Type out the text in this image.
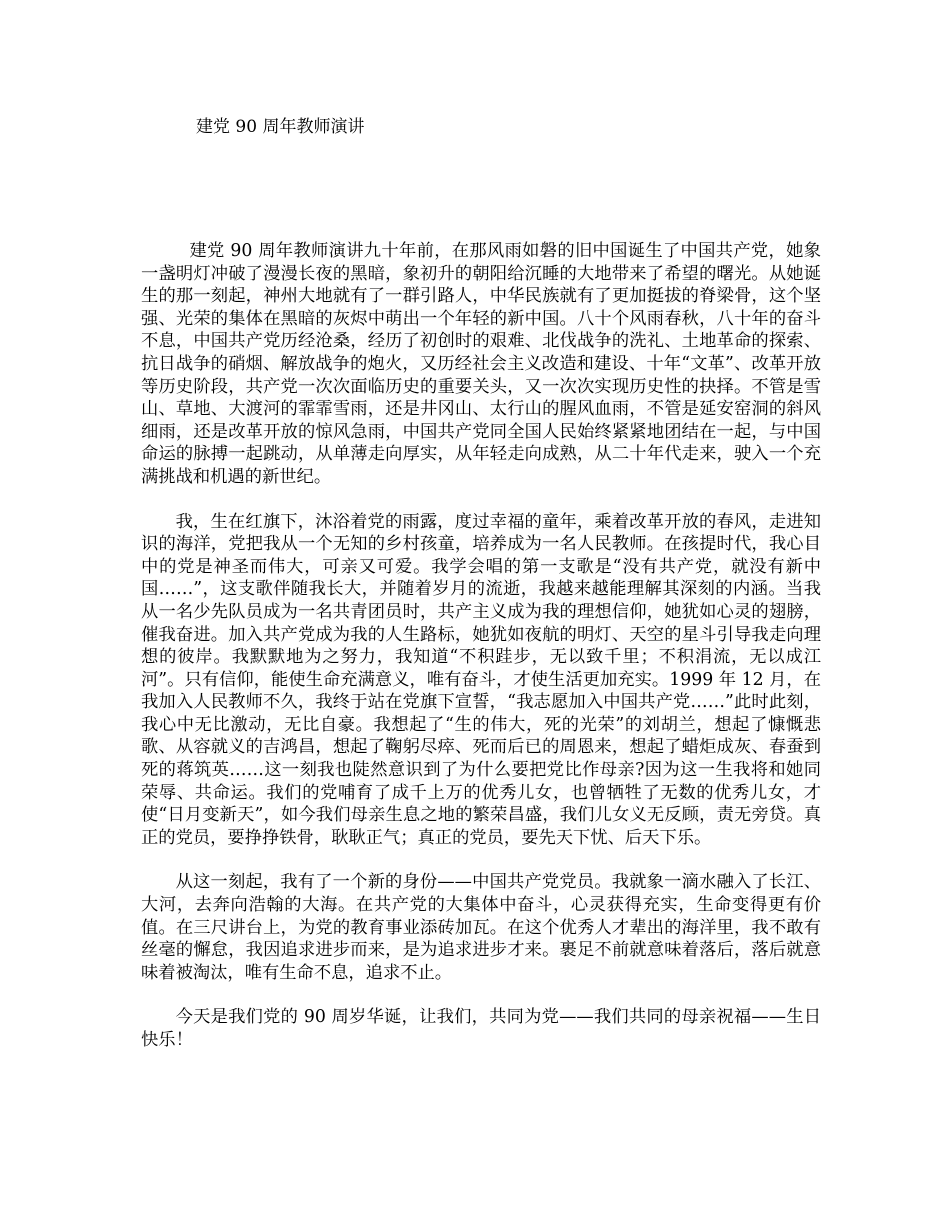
建党 90 周年教师演讲

建党 90 周年教师演讲九十年前，在那风雨如磐的旧中国诞生了中国共产党，她象一盏明灯冲破了漫漫长夜的黑暗，象初升的朝阳给沉睡的大地带来了希望的曙光。从她诞生的那一刻起，神州大地就有了一群引路人，中华民族就有了更加挺拔的脊梁骨，这个坚强、光荣的集体在黑暗的灰烬中萌出一个年轻的新中国。八十个风雨春秋，八十年的奋斗不息，中国共产党历经沧桑，经历了初创时的艰难、北伐战争的洗礼、土地革命的探索、抗日战争的硝烟、解放战争的炮火，又历经社会主义改造和建设、十年“文革”、改革开放等历史阶段，共产党一次次面临历史的重要关头，又一次次实现历史性的抉择。不管是雪山、草地、大渡河的霏霏雪雨，还是井冈山、太行山的腥风血雨，不管是延安窑洞的斜风细雨，还是改革开放的惊风急雨，中国共产党同全国人民始终紧紧地团结在一起，与中国命运的脉搏一起跳动，从单薄走向厚实，从年轻走向成熟，从二十年代走来，驶入一个充满挑战和机遇的新世纪。

我，生在红旗下，沐浴着党的雨露，度过幸福的童年，乘着改革开放的春风，走进知识的海洋，党把我从一个无知的乡村孩童，培养成为一名人民教师。在孩提时代，我心目中的党是神圣而伟大，可亲又可爱。我学会唱的第一支歌是“没有共产党，就没有新中国……”，这支歌伴随我长大，并随着岁月的流逝，我越来越能理解其深刻的内涵。当我从一名少先队员成为一名共青团员时，共产主义成为我的理想信仰，她犹如心灵的翅膀，催我奋进。加入共产党成为我的人生路标，她犹如夜航的明灯、天空的星斗引导我走向理想的彼岸。我默默地为之努力，我知道“不积跬步，无以致千里；不积涓流，无以成江河”。只有信仰，能使生命充满意义，唯有奋斗，才使生活更加充实。1999 年 12 月，在我加入人民教师不久，我终于站在党旗下宣誓，“我志愿加入中国共产党……”此时此刻，我心中无比激动，无比自豪。我想起了“生的伟大，死的光荣”的刘胡兰，想起了慷慨悲歌、从容就义的吉鸿昌，想起了鞠躬尽瘁、死而后已的周恩来，想起了蜡炬成灰、春蚕到死的蒋筑英……这一刻我也陡然意识到了为什么要把党比作母亲?因为这一生我将和她同荣辱、共命运。我们的党哺育了成千上万的优秀儿女，也曾牺牲了无数的优秀儿女，才使“日月变新天”，如今我们母亲生息之地的繁荣昌盛，我们儿女义无反顾，责无旁贷。真正的党员，要挣挣铁骨，耿耿正气；真正的党员，要先天下忧、后天下乐。

从这一刻起，我有了一个新的身份——中国共产党党员。我就象一滴水融入了长江、大河，去奔向浩翰的大海。在共产党的大集体中奋斗，心灵获得充实，生命变得更有价值。在三尺讲台上，为党的教育事业添砖加瓦。在这个优秀人才辈出的海洋里，我不敢有丝毫的懈怠，我因追求进步而来，是为追求进步才来。裹足不前就意味着落后，落后就意味着被淘汰，唯有生命不息，追求不止。

今天是我们党的 90 周岁华诞，让我们，共同为党——我们共同的母亲祝福——生日快乐！
